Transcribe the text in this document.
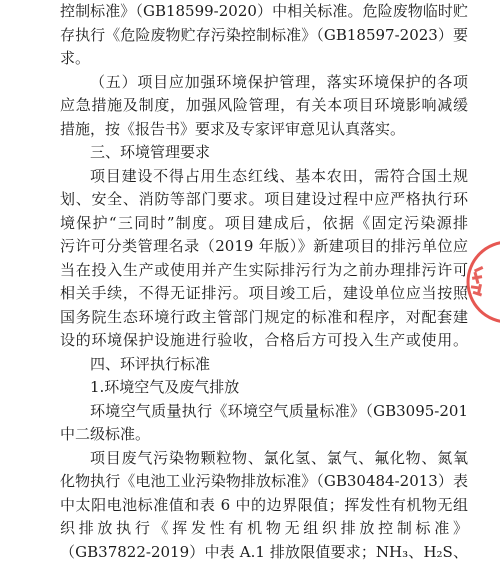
控制标准》（GB18599-2020）中相关标准。危险废物临时贮
存执行《危险废物贮存污染控制标准》（GB18597-2023）要
求。
（五）项目应加强环境保护管理，落实环境保护的各项
应急措施及制度，加强风险管理，有关本项目环境影响减缓
措施，按《报告书》要求及专家评审意见认真落实。
三、环境管理要求
项目建设不得占用生态红线、基本农田，需符合国土规
划、安全、消防等部门要求。项目建设过程中应严格执行环
境保护“三同时”制度。项目建成后，依据《固定污染源排
污许可分类管理名录（2019 年版）》新建项目的排污单位应
当在投入生产或使用并产生实际排污行为之前办理排污许可
相关手续，不得无证排污。项目竣工后，建设单位应当按照
国务院生态环境行政主管部门规定的标准和程序，对配套建
设的环境保护设施进行验收，合格后方可投入生产或使用。
四、环评执行标准
1.环境空气及废气排放
环境空气质量执行《环境空气质量标准》（GB3095-201
中二级标准。
项目废气污染物颗粒物、氯化氢、氯气、氟化物、氮氧
化物执行《电池工业污染物排放标准》（GB30484-2013）表
中太阳电池标准值和表 6 中的边界限值；挥发性有机物无组
织排放执行《挥发性有机物无组织排放控制标准》
（GB37822-2019）中表 A.1 排放限值要求；NH₃、H₂S、
